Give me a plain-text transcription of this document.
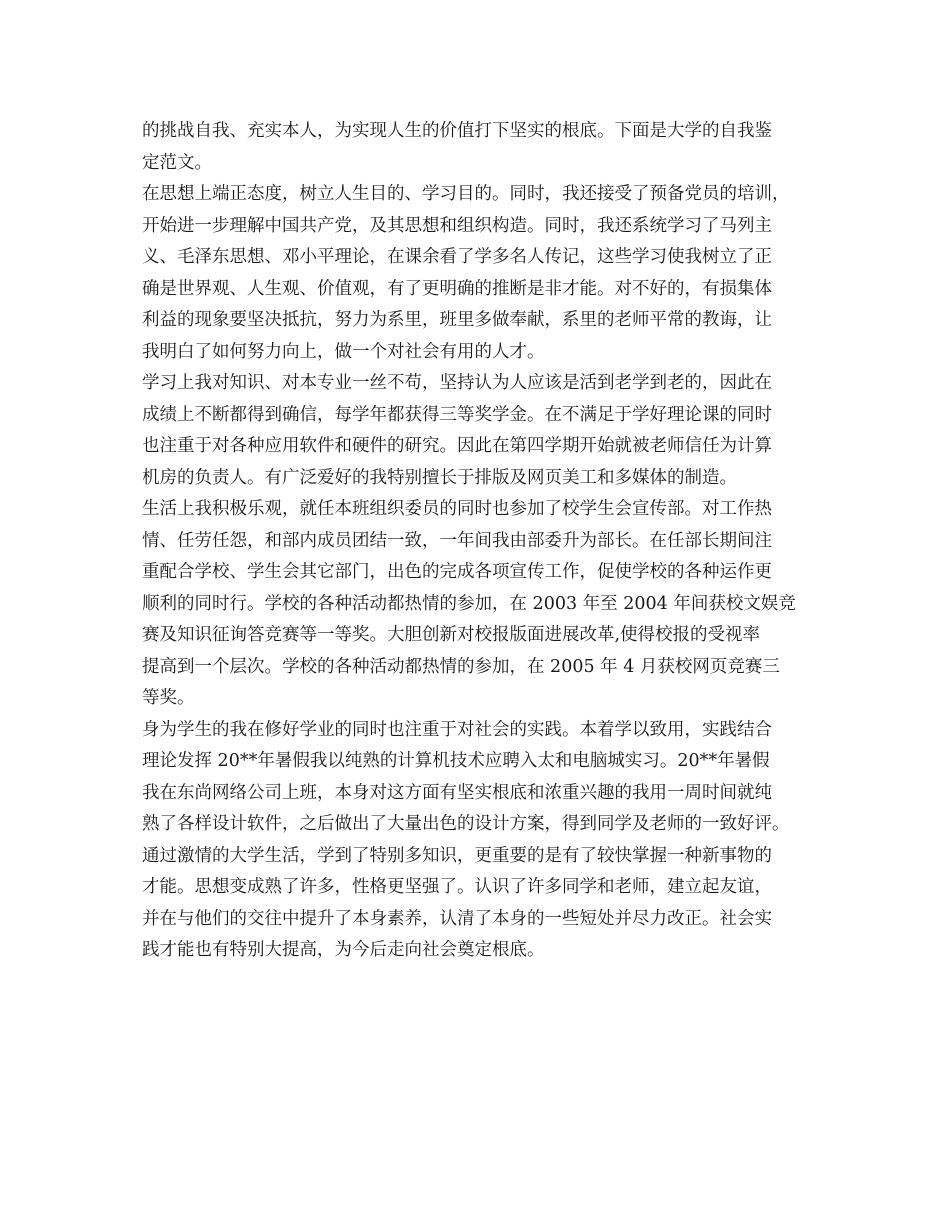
的挑战自我、充实本人，为实现人生的价值打下坚实的根底。下面是大学的自我鉴

定范文。

在思想上端正态度，树立人生目的、学习目的。同时，我还接受了预备党员的培训，

开始进一步理解中国共产党，及其思想和组织构造。同时，我还系统学习了马列主

义、毛泽东思想、邓小平理论，在课余看了学多名人传记，这些学习使我树立了正

确是世界观、人生观、价值观，有了更明确的推断是非才能。对不好的，有损集体

利益的现象要坚决抵抗，努力为系里，班里多做奉献，系里的老师平常的教诲，让

我明白了如何努力向上，做一个对社会有用的人才。

学习上我对知识、对本专业一丝不苟，坚持认为人应该是活到老学到老的，因此在

成绩上不断都得到确信，每学年都获得三等奖学金。在不满足于学好理论课的同时

也注重于对各种应用软件和硬件的研究。因此在第四学期开始就被老师信任为计算

机房的负责人。有广泛爱好的我特别擅长于排版及网页美工和多媒体的制造。

生活上我积极乐观，就任本班组织委员的同时也参加了校学生会宣传部。对工作热

情、任劳任怨，和部内成员团结一致，一年间我由部委升为部长。在任部长期间注

重配合学校、学生会其它部门，出色的完成各项宣传工作，促使学校的各种运作更

顺利的同时行。学校的各种活动都热情的参加，在 2003 年至 2004 年间获校文娱竞

赛及知识征询答竞赛等一等奖。大胆创新对校报版面进展改革,使得校报的受视率

提高到一个层次。学校的各种活动都热情的参加，在 2005 年 4 月获校网页竞赛三

等奖。

身为学生的我在修好学业的同时也注重于对社会的实践。本着学以致用，实践结合

理论发挥 20**年暑假我以纯熟的计算机技术应聘入太和电脑城实习。20**年暑假

我在东尚网络公司上班，本身对这方面有坚实根底和浓重兴趣的我用一周时间就纯

熟了各样设计软件，之后做出了大量出色的设计方案，得到同学及老师的一致好评。

通过激情的大学生活，学到了特别多知识，更重要的是有了较快掌握一种新事物的

才能。思想变成熟了许多，性格更坚强了。认识了许多同学和老师，建立起友谊，

并在与他们的交往中提升了本身素养，认清了本身的一些短处并尽力改正。社会实

践才能也有特别大提高，为今后走向社会奠定根底。
